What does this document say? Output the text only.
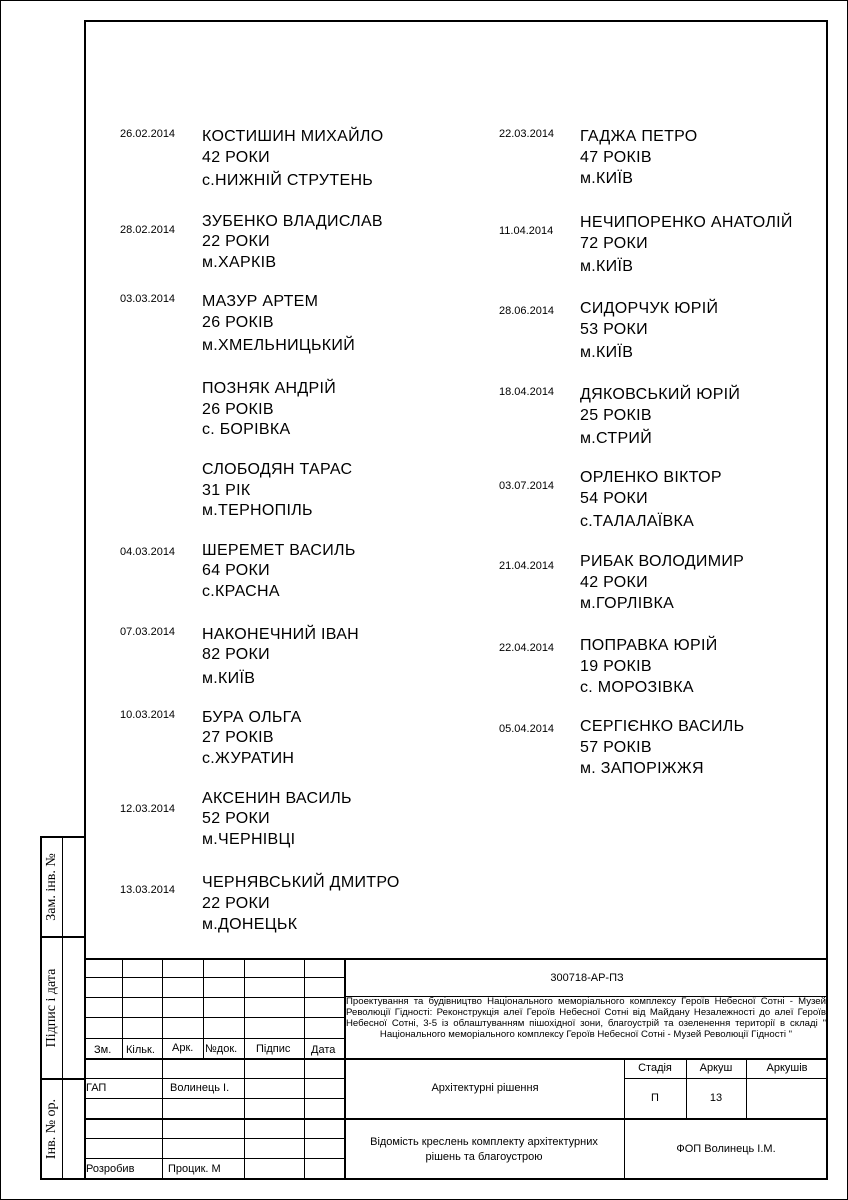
26.02.2014 КОСТИШИН МИХАЙЛО
42 РОКИ
с.НИЖНІЙ СТРУТЕНЬ
28.02.2014 ЗУБЕНКО ВЛАДИСЛАВ
22 РОКИ
м.ХАРКІВ
03.03.2014 МАЗУР АРТЕМ
26 РОКІВ
м.ХМЕЛЬНИЦЬКИЙ
ПОЗНЯК АНДРІЙ
26 РОКІВ
с. БОРІВКА
СЛОБОДЯН ТАРАС
31 РІК
м.ТЕРНОПІЛЬ
04.03.2014 ШЕРЕМЕТ ВАСИЛЬ
64 РОКИ
с.КРАСНА
07.03.2014 НАКОНЕЧНИЙ ІВАН
82 РОКИ
м.КИЇВ
10.03.2014 БУРА ОЛЬГА
27 РОКІВ
с.ЖУРАТИН
12.03.2014
АКСЕНИН ВАСИЛЬ
52 РОКИ
м.ЧЕРНІВЦІ
13.03.2014 ЧЕРНЯВСЬКИЙ ДМИТРО
22 РОКИ
м.ДОНЕЦЬК
22.03.2014 ГАДЖА ПЕТРО
47 РОКІВ
м.КИЇВ
11.04.2014 НЕЧИПОРЕНКО АНАТОЛІЙ
72 РОКИ
м.КИЇВ
28.06.2014 СИДОРЧУК ЮРІЙ
53 РОКИ
м.КИЇВ
18.04.2014 ДЯКОВСЬКИЙ ЮРІЙ
25 РОКІВ
м.СТРИЙ
03.07.2014 ОРЛЕНКО ВІКТОР
54 РОКИ
с.ТАЛАЛАЇВКА
21.04.2014 РИБАК ВОЛОДИМИР
42 РОКИ
м.ГОРЛІВКА
22.04.2014 ПОПРАВКА ЮРІЙ
19 РОКІВ
с. МОРОЗІВКА
05.04.2014 СЕРГІЄНКО ВАСИЛЬ
57 РОКІВ
м. ЗАПОРІЖЖЯ
Зам. інв. №
Підпис і дата
Інв. № ор.
Зм. Кільк. Арк. №док. Підпис Дата
ГАП	Волинець І.
Розробив	Процик. М
300718-АР-ПЗ
Проектування та будівництво Національного меморіального комплексу Героїв Небесної Сотні - Музей Революції Гідності: Реконструкція алеї Героїв Небесної Сотні від Майдану Незалежності до алеї Героїв Небесної Сотні, 3-5 із облаштуванням пішохідної зони, благоустрій та озеленення території в складі " Національного меморіального комплексу Героїв Небесної Сотні - Музей Революції Гідності "
Архітектурні рішення
Стадія	Аркуш	Аркушів
П	13
Відомість креслень комплекту архітектурних рішень та благоустрою
ФОП Волинець І.М.
